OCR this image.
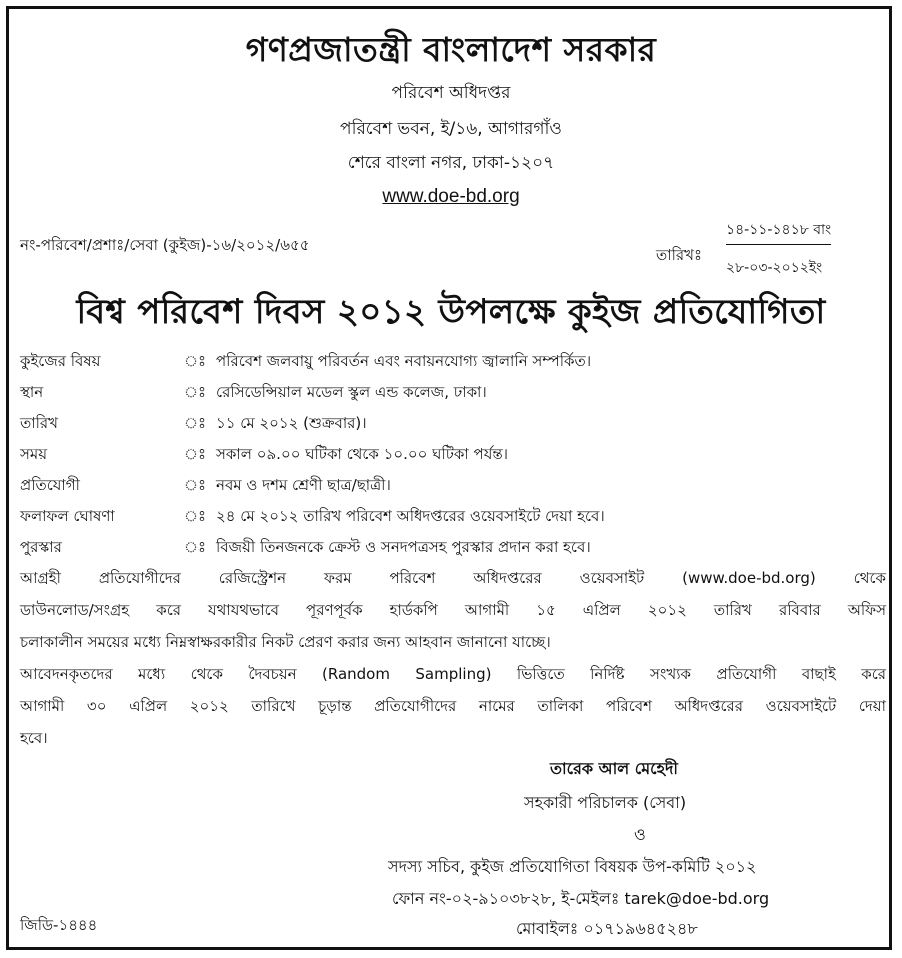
গণপ্রজাতন্ত্রী বাংলাদেশ সরকার
পরিবেশ অধিদপ্তর
পরিবেশ ভবন, ই/১৬, আগারগাঁও
শেরে বাংলা নগর, ঢাকা-১২০৭
www.doe-bd.org
নং-পরিবেশ/প্রশাঃ/সেবা (কুইজ)-১৬/২০১২/৬৫৫
তারিখঃ
১৪-১১-১৪১৮ বাং
২৮-০৩-২০১২ইং
বিশ্ব পরিবেশ দিবস ২০১২ উপলক্ষে কুইজ প্রতিযোগিতা
কুইজের বিষয়	ঃ পরিবেশ জলবায়ু পরিবর্তন এবং নবায়নযোগ্য জ্বালানি সম্পর্কিত।
স্থান	ঃ রেসিডেন্সিয়াল মডেল স্কুল এন্ড কলেজ, ঢাকা।
তারিখ	ঃ ১১ মে ২০১২ (শুক্রবার)।
সময়	ঃ সকাল ০৯.০০ ঘটিকা থেকে ১০.০০ ঘটিকা পর্যন্ত।
প্রতিযোগী	ঃ নবম ও দশম শ্রেণী ছাত্র/ছাত্রী।
ফলাফল ঘোষণা	ঃ ২৪ মে ২০১২ তারিখ পরিবেশ অধিদপ্তরের ওয়েবসাইটে দেয়া হবে।
পুরস্কার	ঃ বিজয়ী তিনজনকে ক্রেস্ট ও সনদপত্রসহ পুরস্কার প্রদান করা হবে।
আগ্রহী প্রতিযোগীদের রেজিস্ট্রেশন ফরম পরিবেশ অধিদপ্তরের ওয়েবসাইট (www.doe-bd.org) থেকে
ডাউনলোড/সংগ্রহ করে যথাযথভাবে পূরণপূর্বক হার্ডকপি আগামী ১৫ এপ্রিল ২০১২ তারিখ রবিবার অফিস
চলাকালীন সময়ের মধ্যে নিম্নস্বাক্ষরকারীর নিকট প্রেরণ করার জন্য আহবান জানানো যাচ্ছে।
আবেদনকৃতদের মধ্যে থেকে দৈবচয়ন (Random Sampling) ভিত্তিতে নির্দিষ্ট সংখ্যক প্রতিযোগী বাছাই করে
আগামী ৩০ এপ্রিল ২০১২ তারিখে চূড়ান্ত প্রতিযোগীদের নামের তালিকা পরিবেশ অধিদপ্তরের ওয়েবসাইটে দেয়া
হবে।
তারেক আল মেহেদী
সহকারী পরিচালক (সেবা)
ও
সদস্য সচিব, কুইজ প্রতিযোগিতা বিষয়ক উপ-কমিটি ২০১২
ফোন নং-০২-৯১০৩৮২৮, ই-মেইলঃ tarek@doe-bd.org
মোবাইলঃ ০১৭১৯৬৪৫২৪৮
জিডি-১৪৪৪
